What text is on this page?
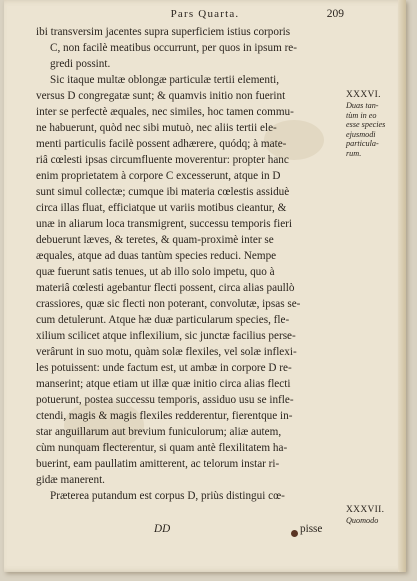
Pars Quarta.	209
ibi transversim jacentes supra superficiem istius corporis
C, non facilè meatibus occurrunt, per quos in ipsum re-
gredi possint.
Sic itaque multæ oblongæ particulæ tertii elementi,
versus D congregatæ sunt; & quamvis initio non fuerint
inter se perfectè æquales, nec similes, hoc tamen commu-
ne habuerunt, quòd nec sibi mutuò, nec aliis tertii ele-
menti particulis facilè possent adhærere, quódq; à mate-
riâ cœlesti ipsas circumfluente moverentur: propter hanc
enim proprietatem à corpore C excesserunt, atque in D
sunt simul collectæ; cumque ibi materia cœlestis assiduè
circa illas fluat, efficiatque ut variis motibus cieantur, &
unæ in aliarum loca transmigrent, successu temporis fieri
debuerunt læves, & teretes, & quam-proximè inter se
æquales, atque ad duas tantùm species reduci. Nempe
quæ fuerunt satis tenues, ut ab illo solo impetu, quo à
materiâ cœlesti agebantur flecti possent, circa alias paullò
crassiores, quæ sic flecti non poterant, convolutæ, ipsas se-
cum detulerunt. Atque hæ duæ particularum species, fle-
xilium scilicet atque inflexilium, sic junctæ facilius perse-
verârunt in suo motu, quàm solæ flexiles, vel solæ inflexi-
les potuissent: unde factum est, ut ambæ in corpore D re-
manserint; atque etiam ut illæ quæ initio circa alias flecti
potuerunt, postea successu temporis, assiduo usu se infle-
ctendi, magis & magis flexiles redderentur, fierentque in-
star anguillarum aut brevium funiculorum; aliæ autem,
cùm nunquam flecterentur, si quam antè flexilitatem ha-
buerint, eam paullatim amitterent, ac telorum instar ri-
gidæ manerent.
Præterea putandum est corpus D, priùs distingui cœ-
XXXVI.
Duas tan-
tùm in eo
esse species
ejusmodi
particula-
rum.
XXXVII.
Quomodo
DD	pisse
